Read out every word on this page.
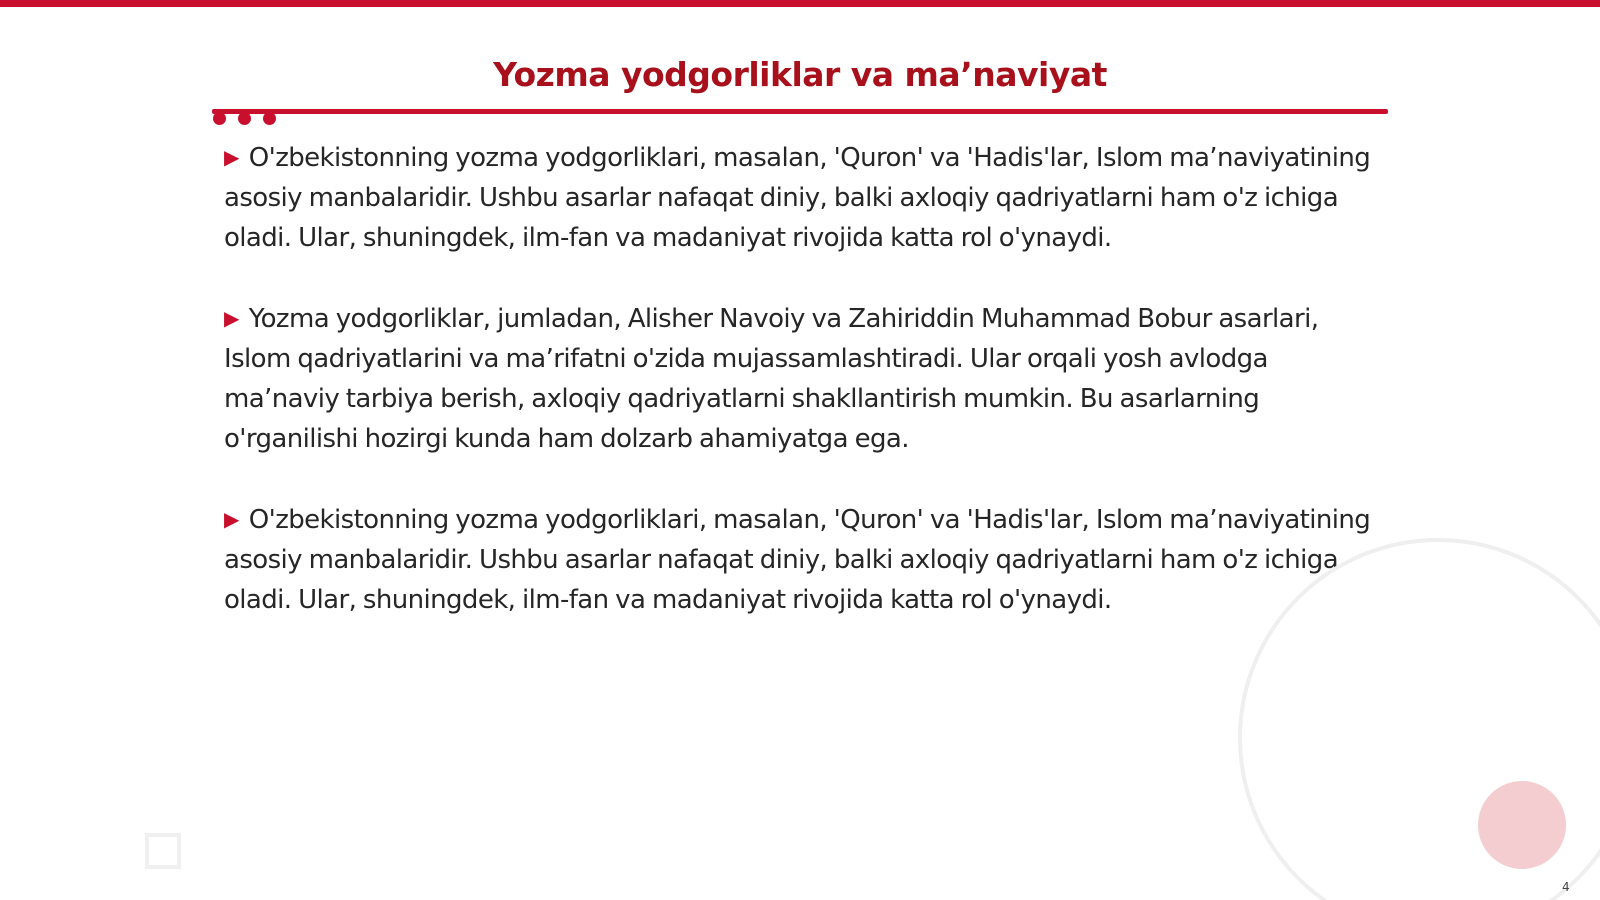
Yozma yodgorliklar va ma’naviyat

▶ O'zbekistonning yozma yodgorliklari, masalan, 'Quron' va 'Hadis'lar, Islom ma’naviyatining asosiy manbalaridir. Ushbu asarlar nafaqat diniy, balki axloqiy qadriyatlarni ham o'z ichiga oladi. Ular, shuningdek, ilm-fan va madaniyat rivojida katta rol o'ynaydi.

▶ Yozma yodgorliklar, jumladan, Alisher Navoiy va Zahiriddin Muhammad Bobur asarlari, Islom qadriyatlarini va ma’rifatni o'zida mujassamlashtiradi. Ular orqali yosh avlodga ma’naviy tarbiya berish, axloqiy qadriyatlarni shakllantirish mumkin. Bu asarlarning o'rganilishi hozirgi kunda ham dolzarb ahamiyatga ega.

▶ O'zbekistonning yozma yodgorliklari, masalan, 'Quron' va 'Hadis'lar, Islom ma’naviyatining asosiy manbalaridir. Ushbu asarlar nafaqat diniy, balki axloqiy qadriyatlarni ham o'z ichiga oladi. Ular, shuningdek, ilm-fan va madaniyat rivojida katta rol o'ynaydi.

4
